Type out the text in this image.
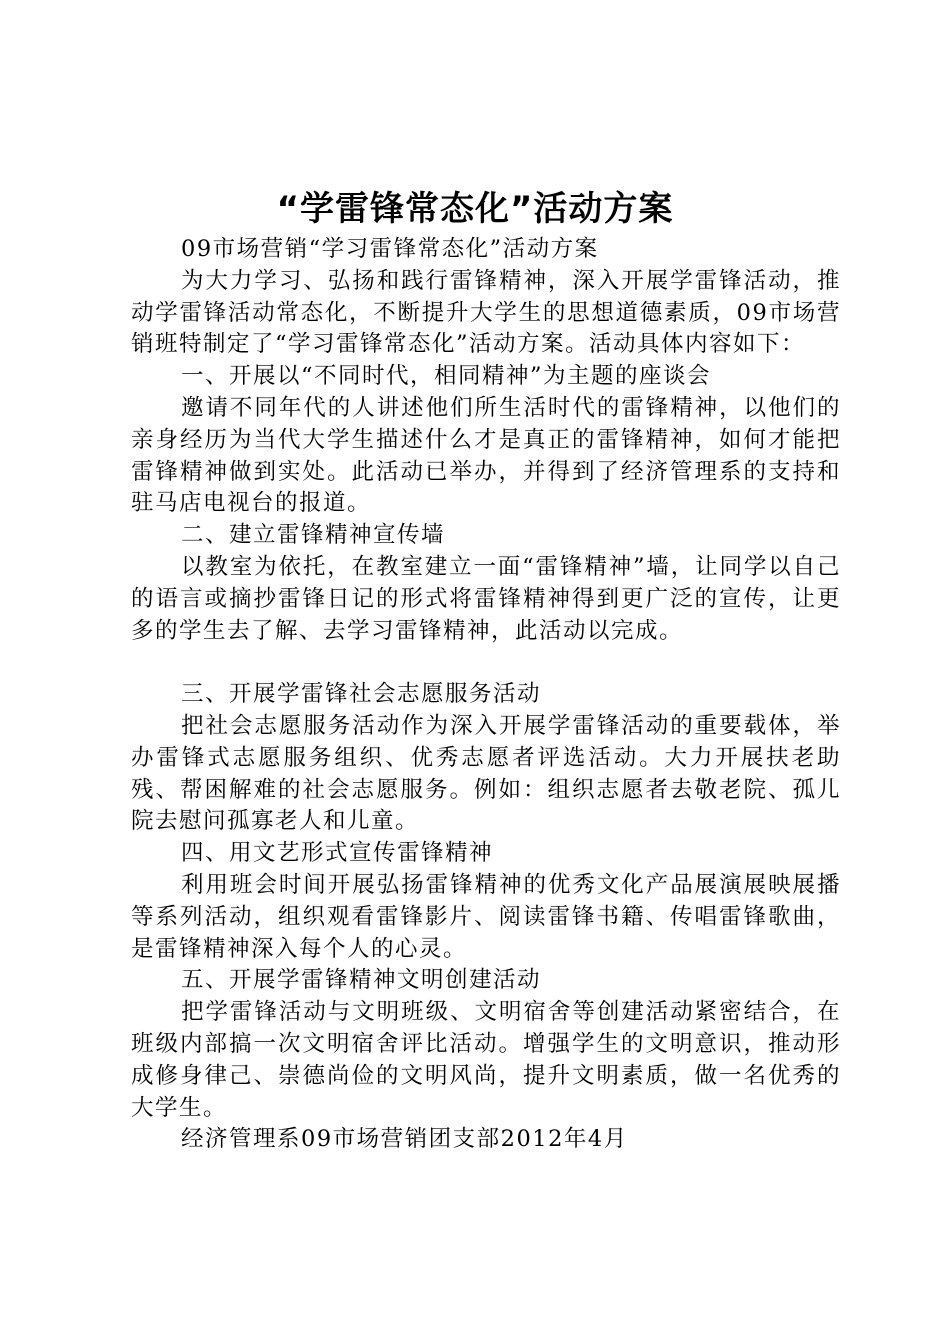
“学雷锋常态化”活动方案

09市场营销“学习雷锋常态化”活动方案

为大力学习、弘扬和践行雷锋精神，深入开展学雷锋活动，推动学雷锋活动常态化，不断提升大学生的思想道德素质，09市场营销班特制定了“学习雷锋常态化”活动方案。活动具体内容如下：

一、开展以“不同时代，相同精神”为主题的座谈会

邀请不同年代的人讲述他们所生活时代的雷锋精神，以他们的亲身经历为当代大学生描述什么才是真正的雷锋精神，如何才能把雷锋精神做到实处。此活动已举办，并得到了经济管理系的支持和驻马店电视台的报道。

二、建立雷锋精神宣传墙

以教室为依托，在教室建立一面“雷锋精神”墙，让同学以自己的语言或摘抄雷锋日记的形式将雷锋精神得到更广泛的宣传，让更多的学生去了解、去学习雷锋精神，此活动以完成。

三、开展学雷锋社会志愿服务活动

把社会志愿服务活动作为深入开展学雷锋活动的重要载体，举办雷锋式志愿服务组织、优秀志愿者评选活动。大力开展扶老助残、帮困解难的社会志愿服务。例如：组织志愿者去敬老院、孤儿院去慰问孤寡老人和儿童。

四、用文艺形式宣传雷锋精神

利用班会时间开展弘扬雷锋精神的优秀文化产品展演展映展播等系列活动，组织观看雷锋影片、阅读雷锋书籍、传唱雷锋歌曲，是雷锋精神深入每个人的心灵。

五、开展学雷锋精神文明创建活动

把学雷锋活动与文明班级、文明宿舍等创建活动紧密结合，在班级内部搞一次文明宿舍评比活动。增强学生的文明意识，推动形成修身律己、崇德尚俭的文明风尚，提升文明素质，做一名优秀的大学生。

经济管理系09市场营销团支部2012年4月
